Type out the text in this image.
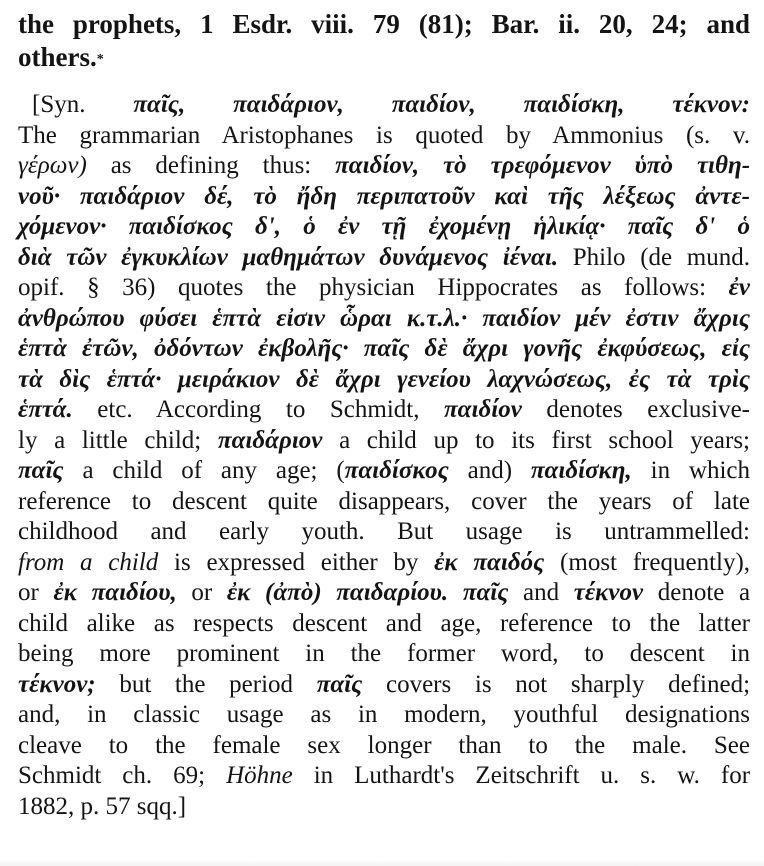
the prophets, 1 Esdr. viii. 79 (81); Bar. ii. 20, 24; and
others.*
[Syn. παῖς, παιδάριον, παιδίον, παιδίσκη, τέκνον:
The grammarian Aristophanes is quoted by Ammonius (s. v.
γέρων) as defining thus: παιδίον, τὸ τρεφόμενον ὑπὸ τιθη-
νοῦ· παιδάριον δέ, τὸ ἤδη περιπατοῦν καὶ τῆς λέξεως ἀντε-
χόμενον· παιδίσκος δ', ὁ ἐν τῇ ἐχομένῃ ἡλικίᾳ· παῖς δ' ὁ
διὰ τῶν ἐγκυκλίων μαθημάτων δυνάμενος ἰέναι. Philo (de mund.
opif. § 36) quotes the physician Hippocrates as follows: ἐν
ἀνθρώπου φύσει ἑπτὰ εἰσιν ὧραι κ.τ.λ.· παιδίον μέν ἐστιν ἄχρις
ἑπτὰ ἐτῶν, ὀδόντων ἐκβολῆς· παῖς δὲ ἄχρι γονῆς ἐκφύσεως, εἰς
τὰ δὶς ἑπτά· μειράκιον δὲ ἄχρι γενείου λαχνώσεως, ἐς τὰ τρὶς
ἑπτά. etc. According to Schmidt, παιδίον denotes exclusive-
ly a little child; παιδάριον a child up to its first school years;
παῖς a child of any age; (παιδίσκος and) παιδίσκη, in which
reference to descent quite disappears, cover the years of late
childhood and early youth. But usage is untrammelled:
from a child is expressed either by ἐκ παιδός (most frequently),
or ἐκ παιδίου, or ἐκ (ἀπὸ) παιδαρίου. παῖς and τέκνον denote a
child alike as respects descent and age, reference to the latter
being more prominent in the former word, to descent in
τέκνον; but the period παῖς covers is not sharply defined;
and, in classic usage as in modern, youthful designations
cleave to the female sex longer than to the male. See
Schmidt ch. 69; Höhne in Luthardt's Zeitschrift u. s. w. for
1882, p. 57 sqq.]
